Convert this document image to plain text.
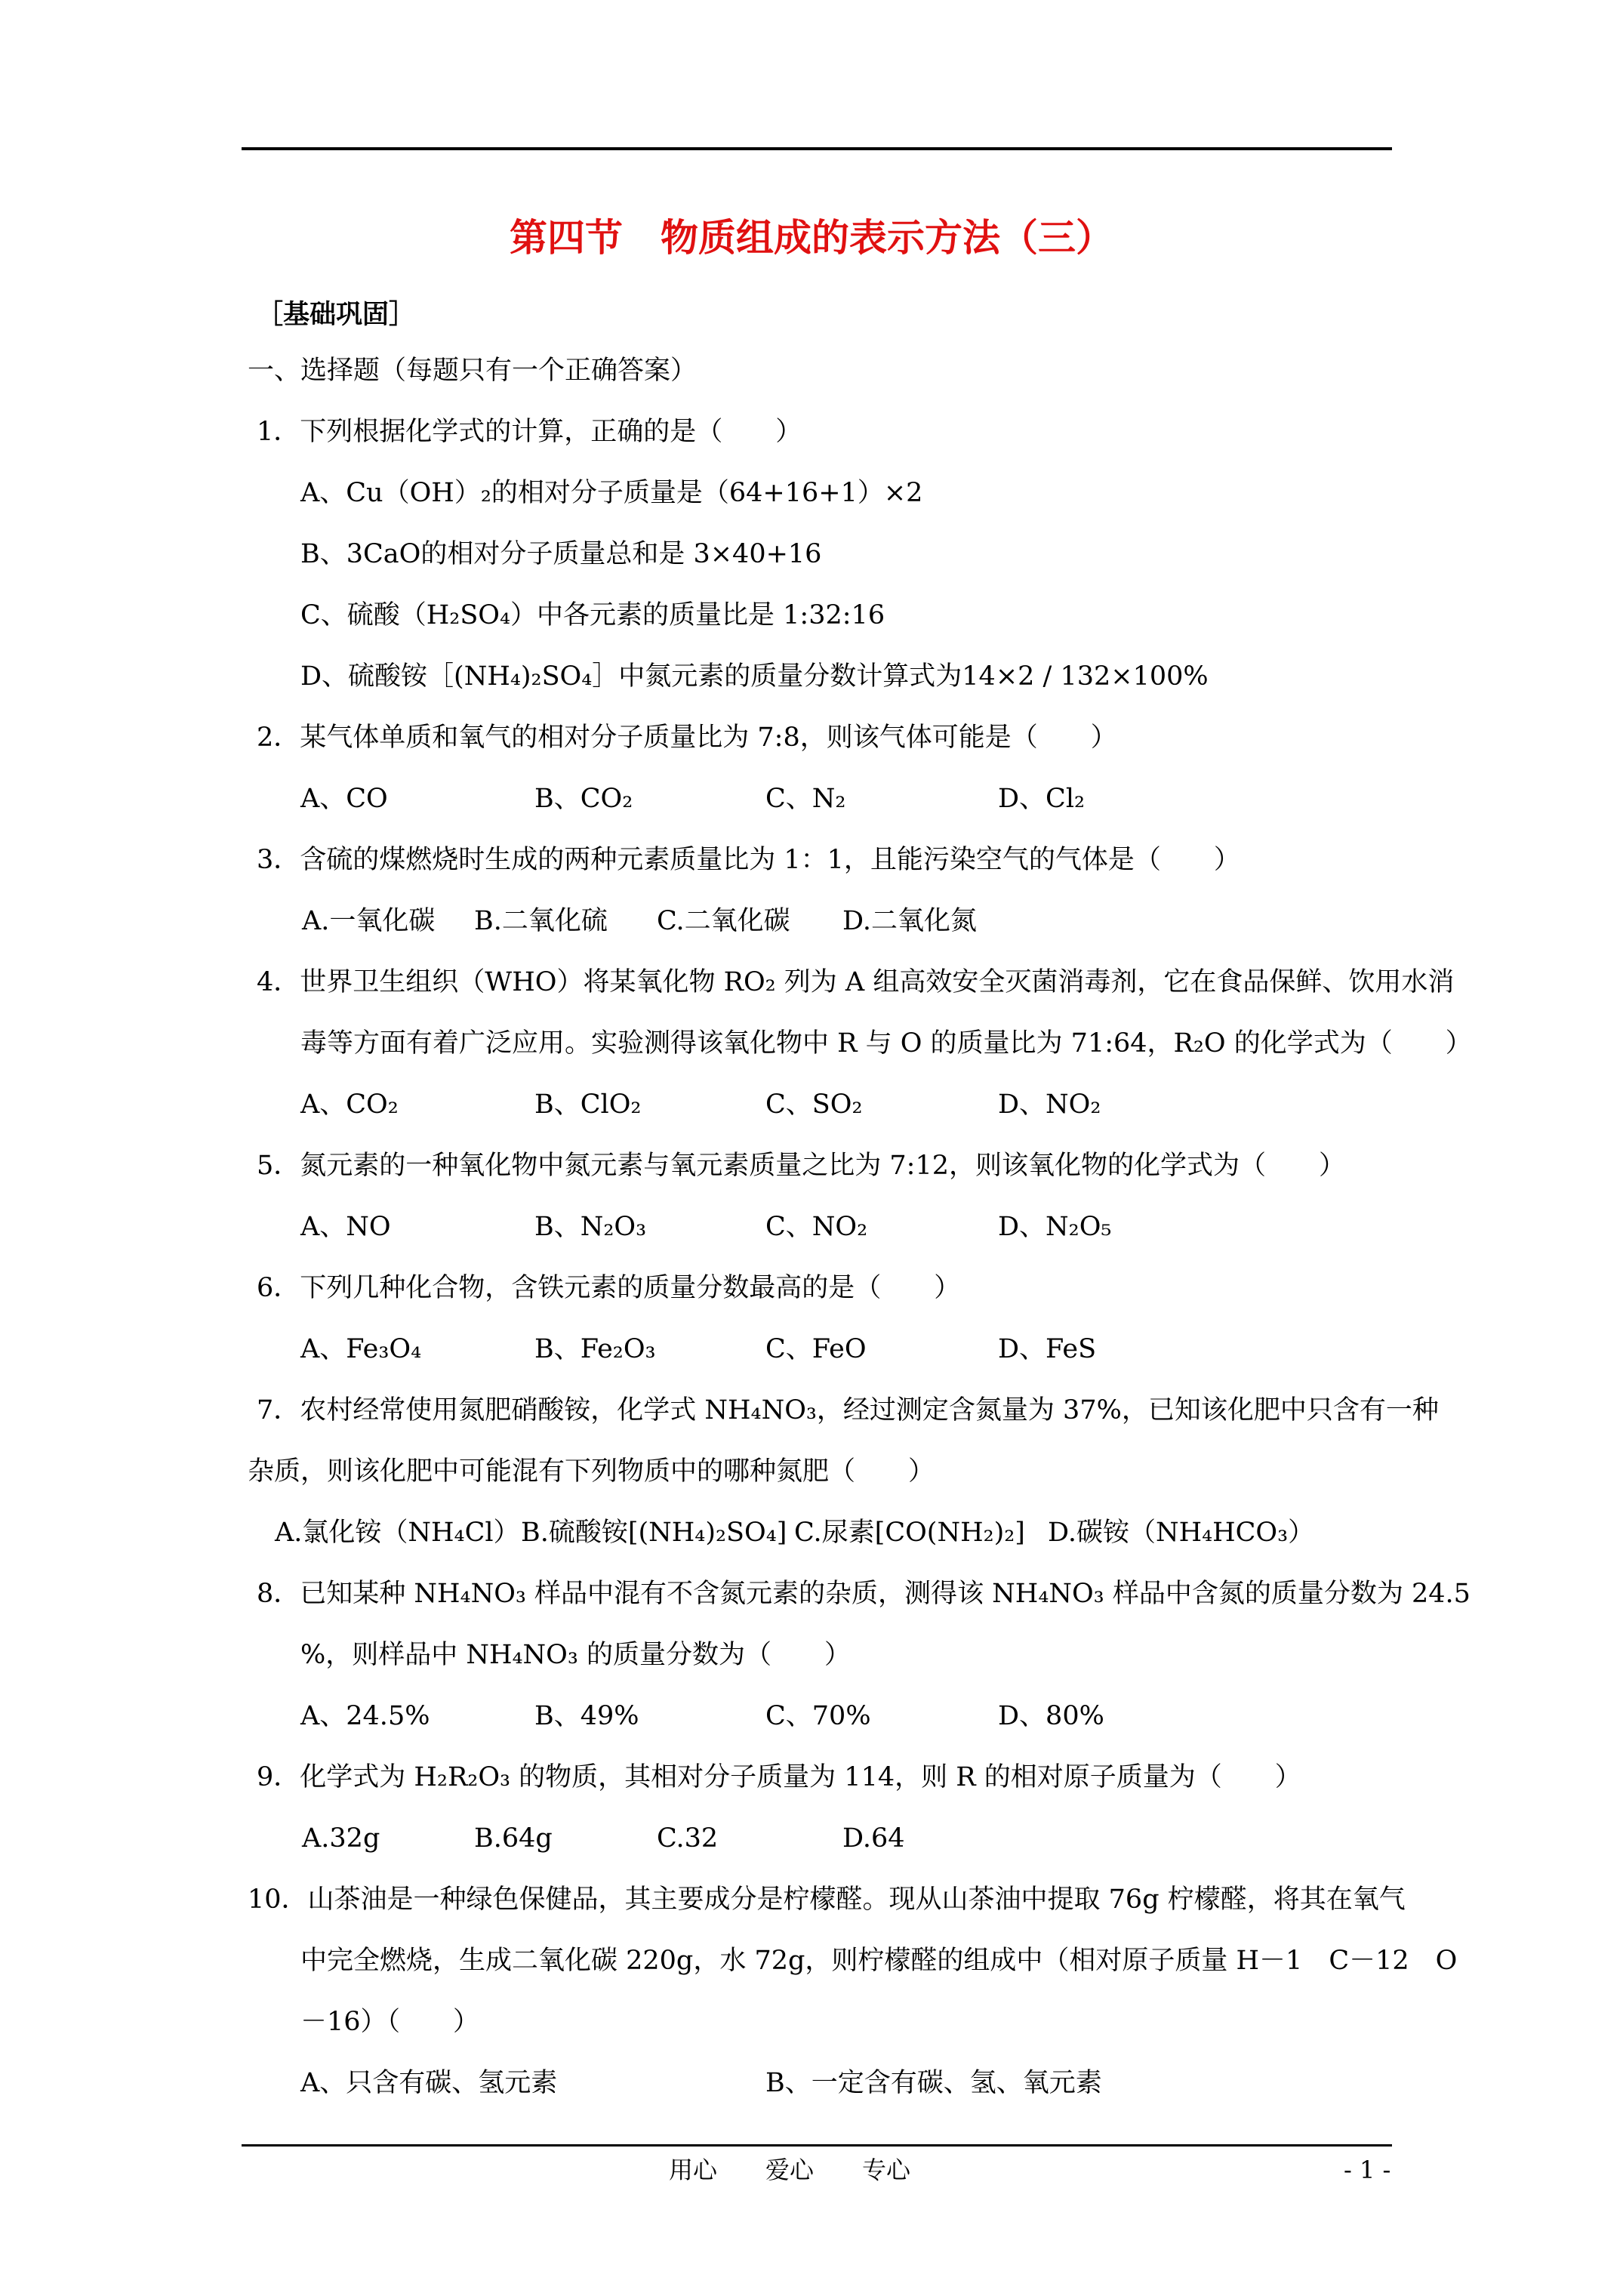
第四节　物质组成的表示方法（三）
［基础巩固］
一、选择题（每题只有一个正确答案）
1．下列根据化学式的计算，正确的是（　　）
A、Cu（OH）₂的相对分子质量是（64+16+1）×2
B、3CaO的相对分子质量总和是 3×40+16
C、硫酸（H₂SO₄）中各元素的质量比是 1:32:16
D、硫酸铵［(NH₄)₂SO₄］中氮元素的质量分数计算式为14×2 / 132×100%
2．某气体单质和氧气的相对分子质量比为 7:8，则该气体可能是（　　）
A、CO	B、CO₂	C、N₂	D、Cl₂
3．含硫的煤燃烧时生成的两种元素质量比为 1：1，且能污染空气的气体是（　　）
A.一氧化碳 B.二氧化硫 C.二氧化碳 D.二氧化氮
4．世界卫生组织（WHO）将某氧化物 RO₂ 列为 A 组高效安全灭菌消毒剂，它在食品保鲜、饮用水消
毒等方面有着广泛应用。实验测得该氧化物中 R 与 O 的质量比为 71:64，R₂O 的化学式为（　　）
A、CO₂	B、ClO₂	C、SO₂	D、NO₂
5．氮元素的一种氧化物中氮元素与氧元素质量之比为 7:12，则该氧化物的化学式为（　　）
A、NO	B、N₂O₃	C、NO₂	D、N₂O₅
6．下列几种化合物，含铁元素的质量分数最高的是（　　）
A、Fe₃O₄	B、Fe₂O₃	C、FeO	D、FeS
7．农村经常使用氮肥硝酸铵，化学式 NH₄NO₃，经过测定含氮量为 37%，已知该化肥中只含有一种
杂质，则该化肥中可能混有下列物质中的哪种氮肥（　　）
A.氯化铵（NH₄Cl） B.硫酸铵[(NH₄)₂SO₄] C.尿素[CO(NH₂)₂] D.碳铵（NH₄HCO₃）
8．已知某种 NH₄NO₃ 样品中混有不含氮元素的杂质，测得该 NH₄NO₃ 样品中含氮的质量分数为 24.5
%，则样品中 NH₄NO₃ 的质量分数为（　　）
A、24.5%	B、49%	C、70%	D、80%
9．化学式为 H₂R₂O₃ 的物质，其相对分子质量为 114，则 R 的相对原子质量为（　　）
A.32g	B.64g	C.32	D.64
10．山茶油是一种绿色保健品，其主要成分是柠檬醛。现从山茶油中提取 76g 柠檬醛，将其在氧气
中完全燃烧，生成二氧化碳 220g，水 72g，则柠檬醛的组成中（相对原子质量 H－1　C－12　O
－16）（　　）
A、只含有碳、氢元素	B、一定含有碳、氢、氧元素
用心　　爱心　　专心	- 1 -
